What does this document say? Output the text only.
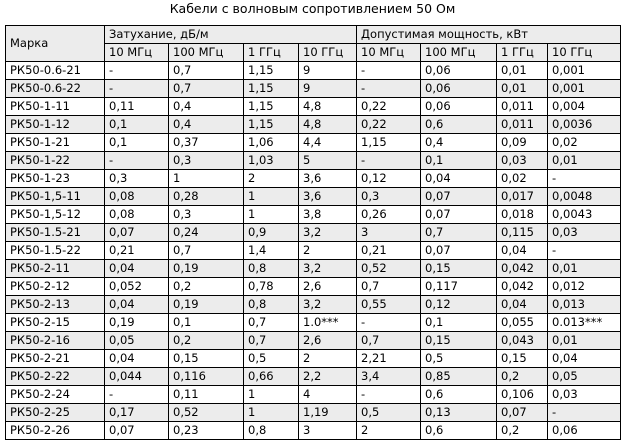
Кабели с волновым сопротивлением 50 Ом
Марка	Затухание, дБ/м				Допустимая мощность, кВт			
	10 МГц	100 МГц	1 ГГц	10 ГГц	10 МГц	100 МГц	1 ГГц	10 ГГц
РК50-0.6-21	-	0,7	1,15	9	-	0,06	0,01	0,001
РК50-0.6-22	-	0,7	1,15	9	-	0,06	0,01	0,001
РК50-1-11	0,11	0,4	1,15	4,8	0,22	0,06	0,011	0,004
РК50-1-12	0,1	0,4	1,15	4,8	0,22	0,6	0,011	0,0036
РК50-1-21	0,1	0,37	1,06	4,4	1,15	0,4	0,09	0,02
РК50-1-22	-	0,3	1,03	5	-	0,1	0,03	0,01
РК50-1-23	0,3	1	2	3,6	0,12	0,04	0,02	-
РК50-1,5-11	0,08	0,28	1	3,6	0,3	0,07	0,017	0,0048
РК50-1,5-12	0,08	0,3	1	3,8	0,26	0,07	0,018	0,0043
РК50-1.5-21	0,07	0,24	0,9	3,2	3	0,7	0,115	0,03
РК50-1.5-22	0,21	0,7	1,4	2	0,21	0,07	0,04	-
РК50-2-11	0,04	0,19	0,8	3,2	0,52	0,15	0,042	0,01
РК50-2-12	0,052	0,2	0,78	2,6	0,7	0,117	0,042	0,012
РК50-2-13	0,04	0,19	0,8	3,2	0,55	0,12	0,04	0,013
РК50-2-15	0,19	0,1	0,7	1.0***	-	0,1	0,055	0.013***
РК50-2-16	0,05	0,2	0,7	2,6	0,7	0,15	0,043	0,01
РК50-2-21	0,04	0,15	0,5	2	2,21	0,5	0,15	0,04
РК50-2-22	0,044	0,116	0,66	2,2	3,4	0,85	0,2	0,05
РК50-2-24	-	0,11	1	4	-	0,6	0,106	0,03
РК50-2-25	0,17	0,52	1	1,19	0,5	0,13	0,07	-
РК50-2-26	0,07	0,23	0,8	3	2	0,6	0,2	0,06
